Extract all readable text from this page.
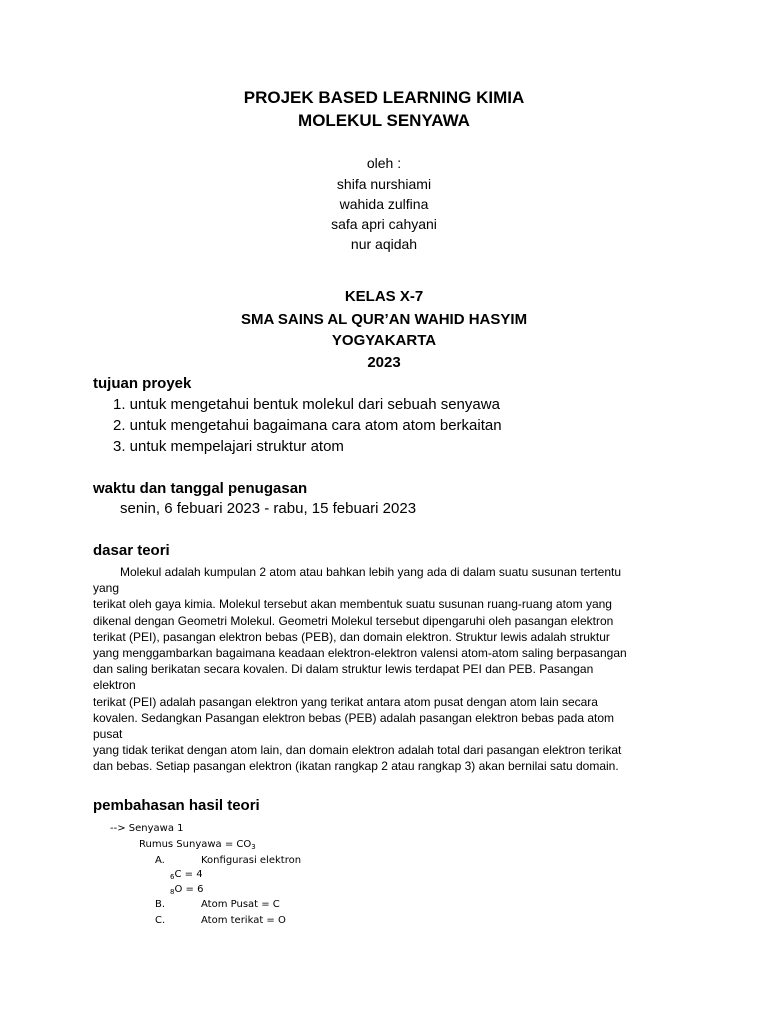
PROJEK BASED LEARNING KIMIA
MOLEKUL SENYAWA
oleh :
shifa nurshiami
wahida zulfina
safa apri cahyani
nur aqidah
KELAS X-7
SMA SAINS AL QUR’AN WAHID HASYIM
YOGYAKARTA
2023
tujuan proyek
1. untuk mengetahui bentuk molekul dari sebuah senyawa
2. untuk mengetahui bagaimana cara atom atom berkaitan
3. untuk mempelajari struktur atom
waktu dan tanggal penugasan
senin, 6 febuari 2023 - rabu, 15 febuari 2023
dasar teori
Molekul adalah kumpulan 2 atom atau bahkan lebih yang ada di dalam suatu susunan tertentu
yang
terikat oleh gaya kimia. Molekul tersebut akan membentuk suatu susunan ruang-ruang atom yang
dikenal dengan Geometri Molekul. Geometri Molekul tersebut dipengaruhi oleh pasangan elektron
terikat (PEI), pasangan elektron bebas (PEB), dan domain elektron. Struktur lewis adalah struktur
yang menggambarkan bagaimana keadaan elektron-elektron valensi atom-atom saling berpasangan
dan saling berikatan secara kovalen. Di dalam struktur lewis terdapat PEI dan PEB. Pasangan
elektron
terikat (PEI) adalah pasangan elektron yang terikat antara atom pusat dengan atom lain secara
kovalen. Sedangkan Pasangan elektron bebas (PEB) adalah pasangan elektron bebas pada atom
pusat
yang tidak terikat dengan atom lain, dan domain elektron adalah total dari pasangan elektron terikat
dan bebas. Setiap pasangan elektron (ikatan rangkap 2 atau rangkap 3) akan bernilai satu domain.
pembahasan hasil teori
--> Senyawa 1
Rumus Sunyawa = $CO_3$
A.	Konfigurasi elektron
$_6$C = 4
$_8$O = 6
B.	Atom Pusat = C
C.	Atom terikat = O
